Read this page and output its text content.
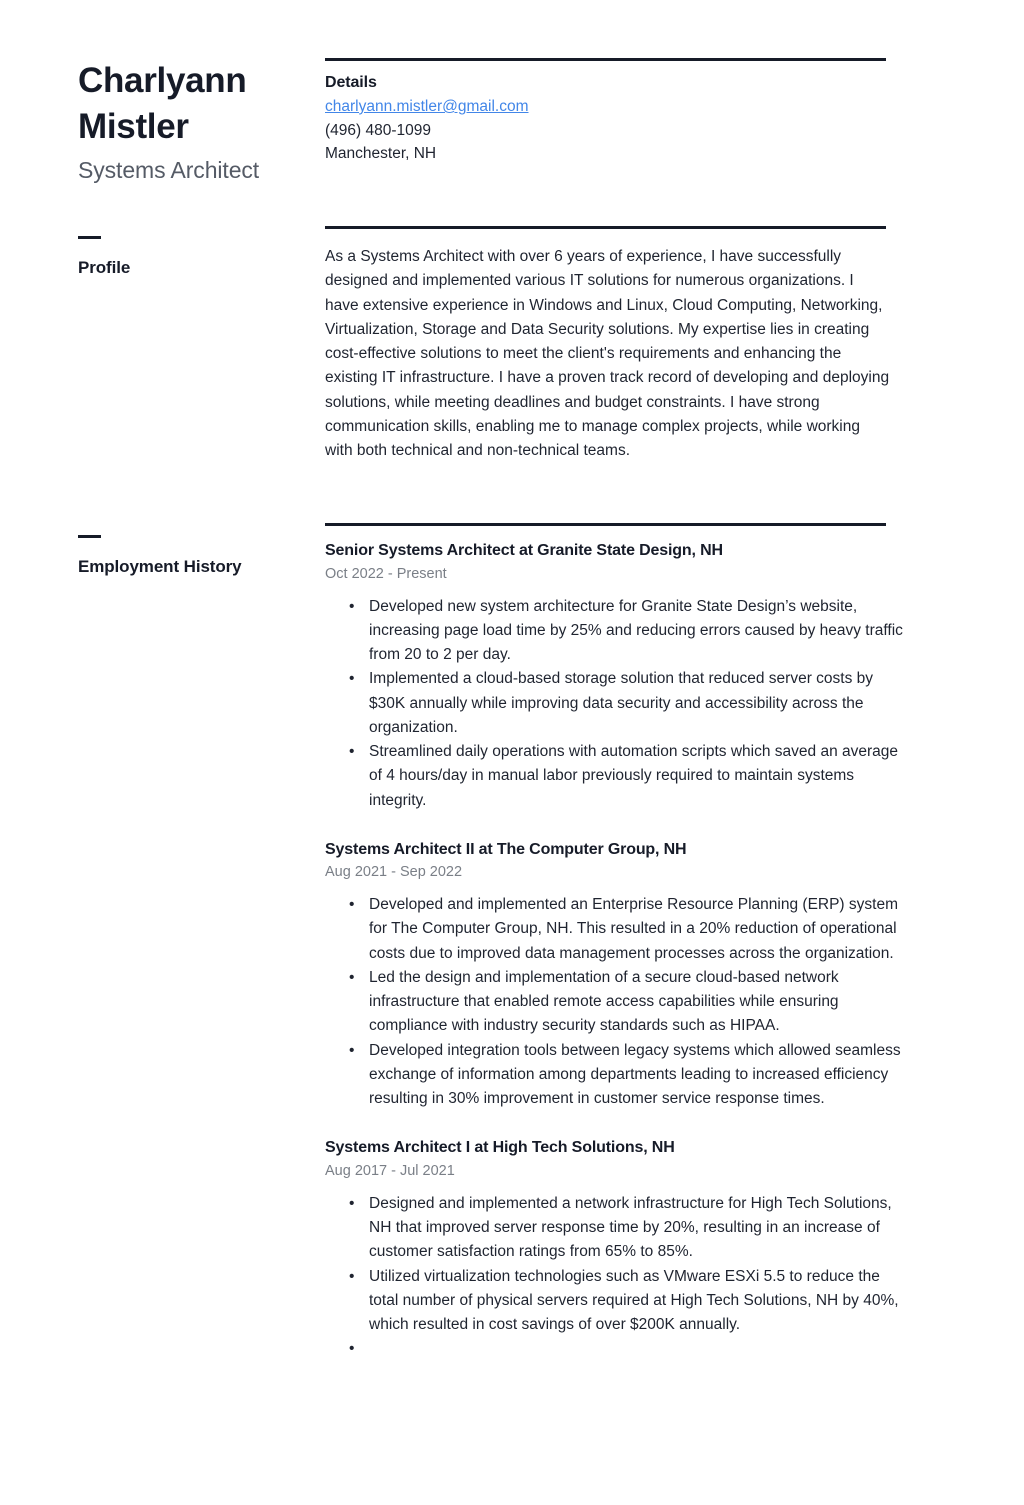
Charlyann Mistler
Systems Architect
Details
charlyann.mistler@gmail.com
(496) 480-1099
Manchester, NH
Profile

As a Systems Architect with over 6 years of experience, I have successfully designed and implemented various IT solutions for numerous organizations. I have extensive experience in Windows and Linux, Cloud Computing, Networking, Virtualization, Storage and Data Security solutions. My expertise lies in creating cost-effective solutions to meet the client's requirements and enhancing the existing IT infrastructure. I have a proven track record of developing and deploying solutions, while meeting deadlines and budget constraints. I have strong communication skills, enabling me to manage complex projects, while working with both technical and non-technical teams.

Employment History
Senior Systems Architect at Granite State Design, NH
Oct 2022 - Present
• Developed new system architecture for Granite State Design’s website, increasing page load time by 25% and reducing errors caused by heavy traffic from 20 to 2 per day.
• Implemented a cloud-based storage solution that reduced server costs by $30K annually while improving data security and accessibility across the organization.
• Streamlined daily operations with automation scripts which saved an average of 4 hours/day in manual labor previously required to maintain systems integrity.
Systems Architect II at The Computer Group, NH
Aug 2021 - Sep 2022
• Developed and implemented an Enterprise Resource Planning (ERP) system for The Computer Group, NH. This resulted in a 20% reduction of operational costs due to improved data management processes across the organization.
• Led the design and implementation of a secure cloud-based network infrastructure that enabled remote access capabilities while ensuring compliance with industry security standards such as HIPAA.
• Developed integration tools between legacy systems which allowed seamless exchange of information among departments leading to increased efficiency resulting in 30% improvement in customer service response times.
Systems Architect I at High Tech Solutions, NH
Aug 2017 - Jul 2021
• Designed and implemented a network infrastructure for High Tech Solutions, NH that improved server response time by 20%, resulting in an increase of customer satisfaction ratings from 65% to 85%.
• Utilized virtualization technologies such as VMware ESXi 5.5 to reduce the total number of physical servers required at High Tech Solutions, NH by 40%, which resulted in cost savings of over $200K annually.
•
